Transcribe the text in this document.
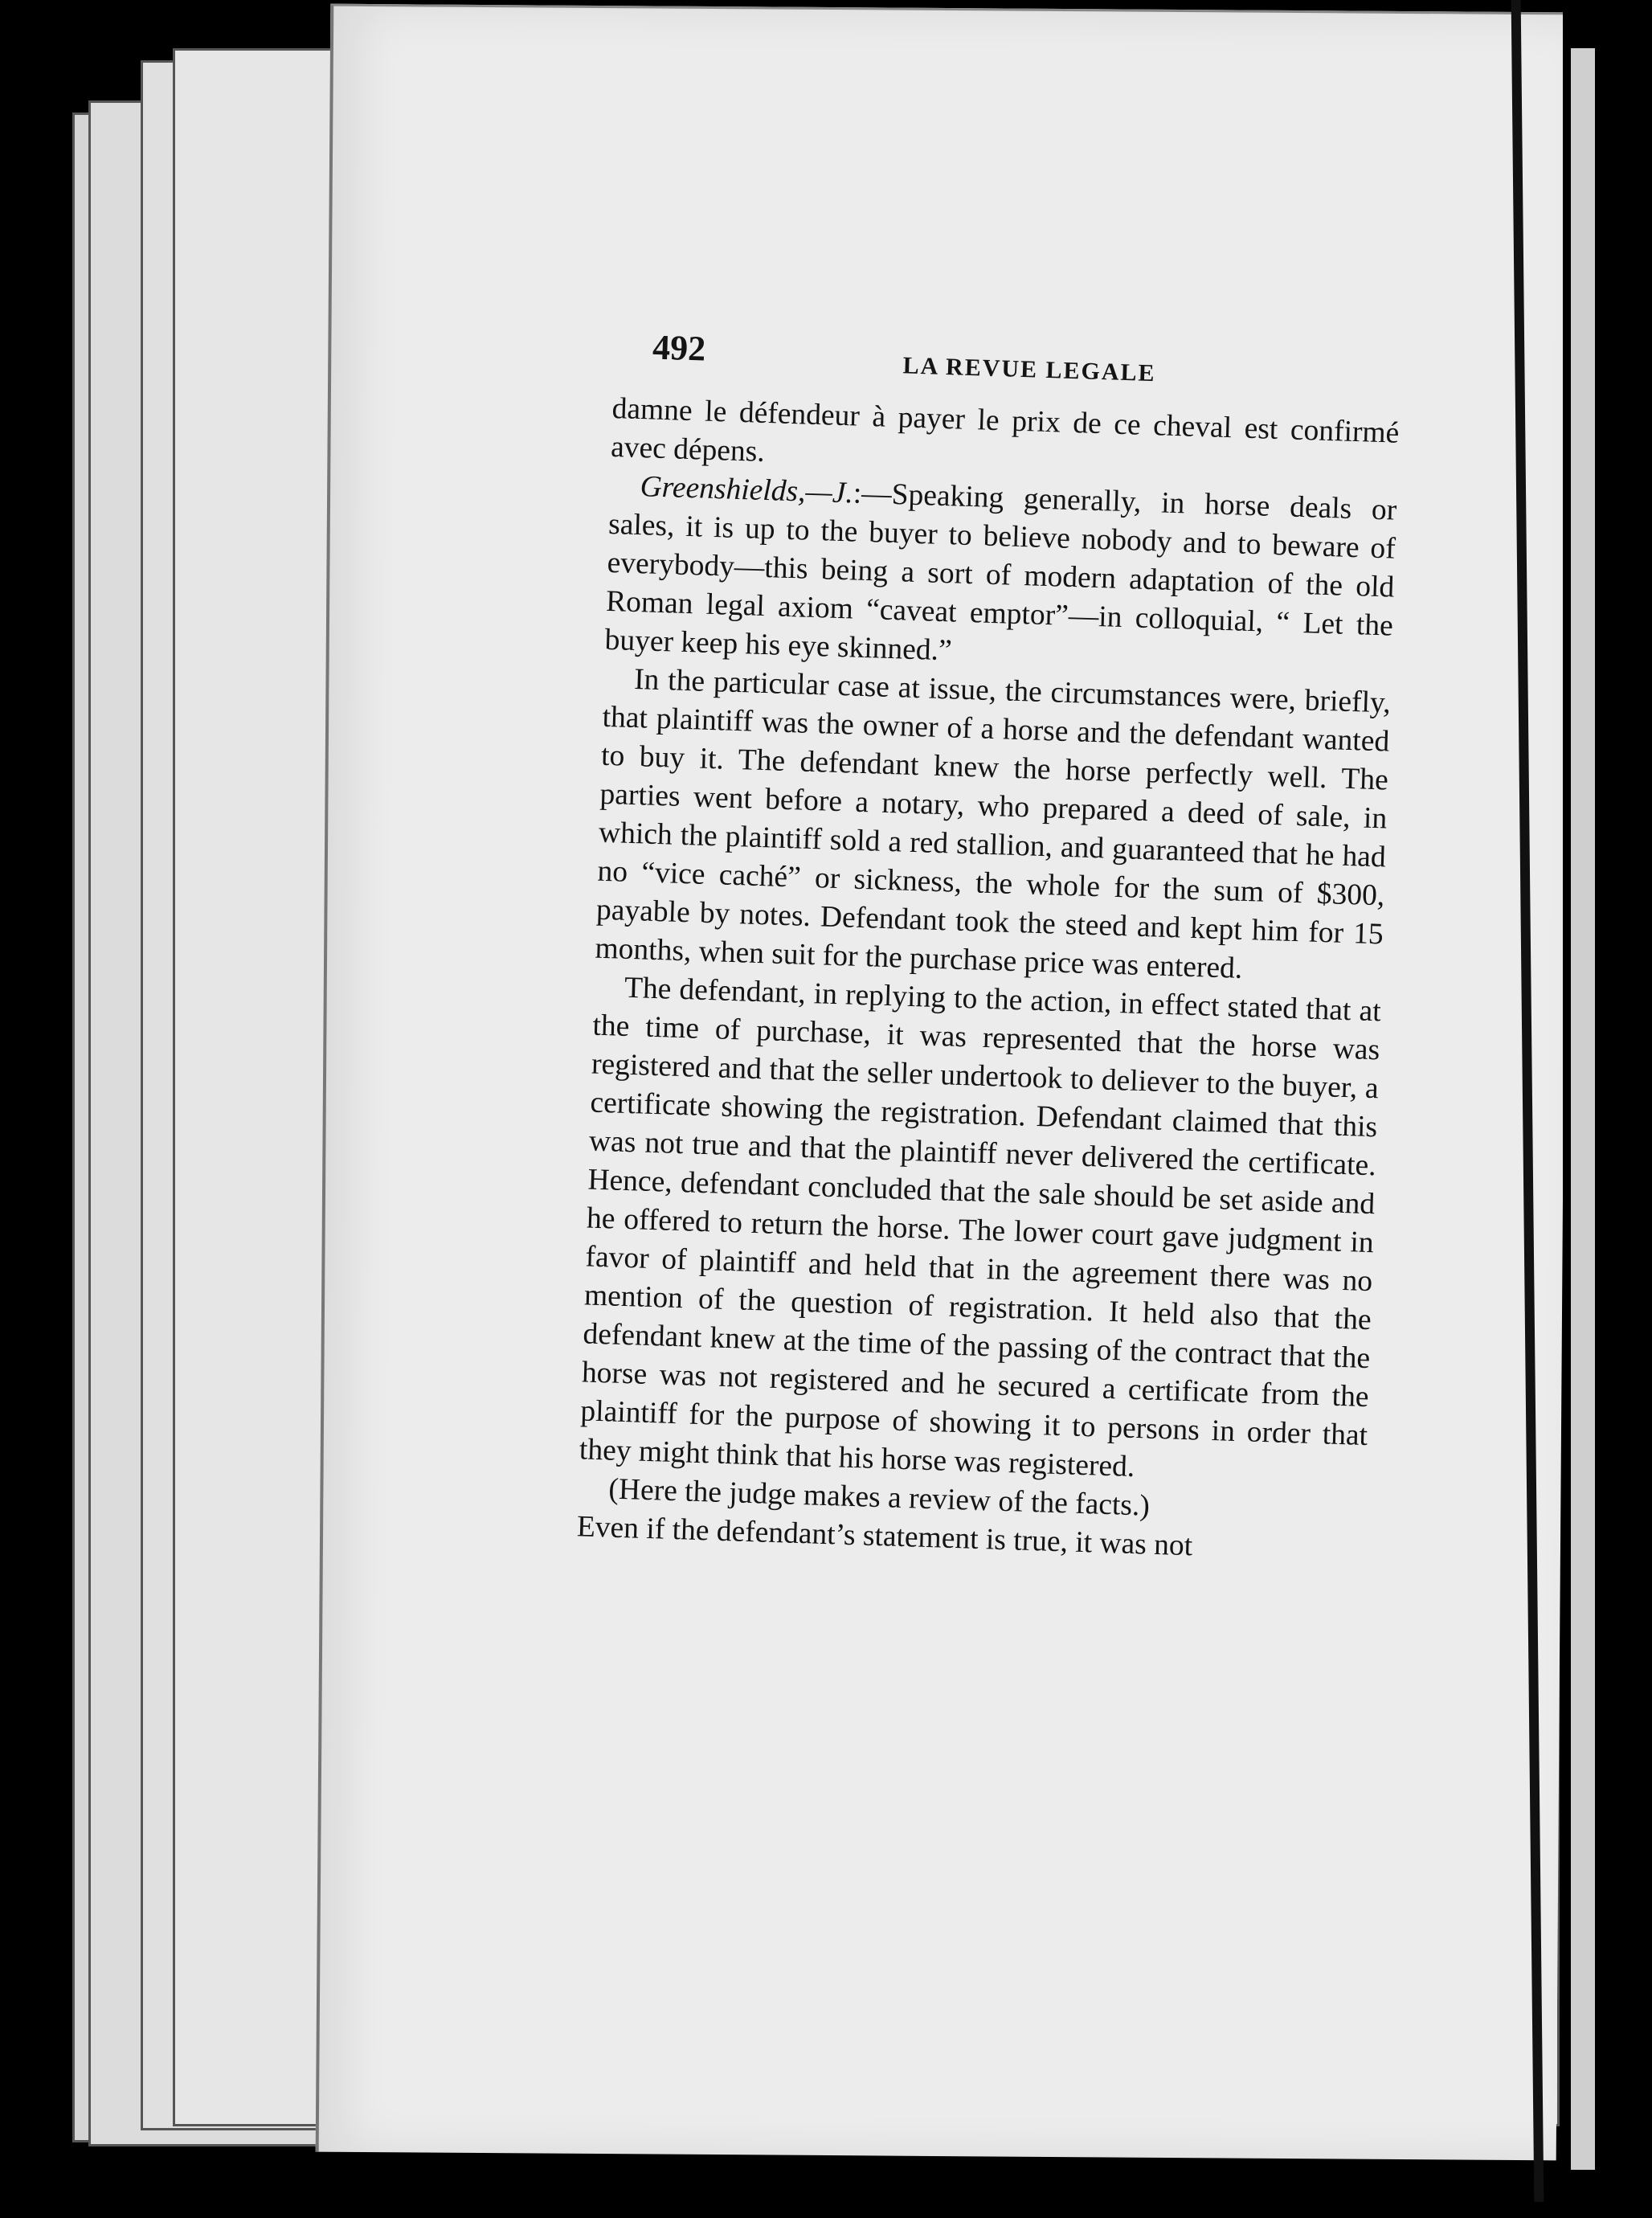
492
LA REVUE LEGALE

damne le défendeur à payer le prix de ce cheval est confirmé avec dépens.

Greenshields,—J.:—Speaking generally, in horse deals or sales, it is up to the buyer to believe nobody and to beware of everybody—this being a sort of modern adaptation of the old Roman legal axiom “caveat emptor”—in colloquial, “ Let the buyer keep his eye skinned.”

In the particular case at issue, the circumstances were, briefly, that plaintiff was the owner of a horse and the defendant wanted to buy it. The defendant knew the horse perfectly well. The parties went before a notary, who prepared a deed of sale, in which the plaintiff sold a red stallion, and guaranteed that he had no “vice caché” or sickness, the whole for the sum of $300, payable by notes. Defendant took the steed and kept him for 15 months, when suit for the purchase price was entered.

The defendant, in replying to the action, in effect stated that at the time of purchase, it was represented that the horse was registered and that the seller undertook to deliever to the buyer, a certificate showing the registration. Defendant claimed that this was not true and that the plaintiff never delivered the certificate. Hence, defendant concluded that the sale should be set aside and he offered to return the horse. The lower court gave judgment in favor of plaintiff and held that in the agreement there was no mention of the question of registration. It held also that the defendant knew at the time of the passing of the contract that the horse was not registered and he secured a certificate from the plaintiff for the purpose of showing it to persons in order that they might think that his horse was registered.

(Here the judge makes a review of the facts.)

Even if the defendant’s statement is true, it was not
